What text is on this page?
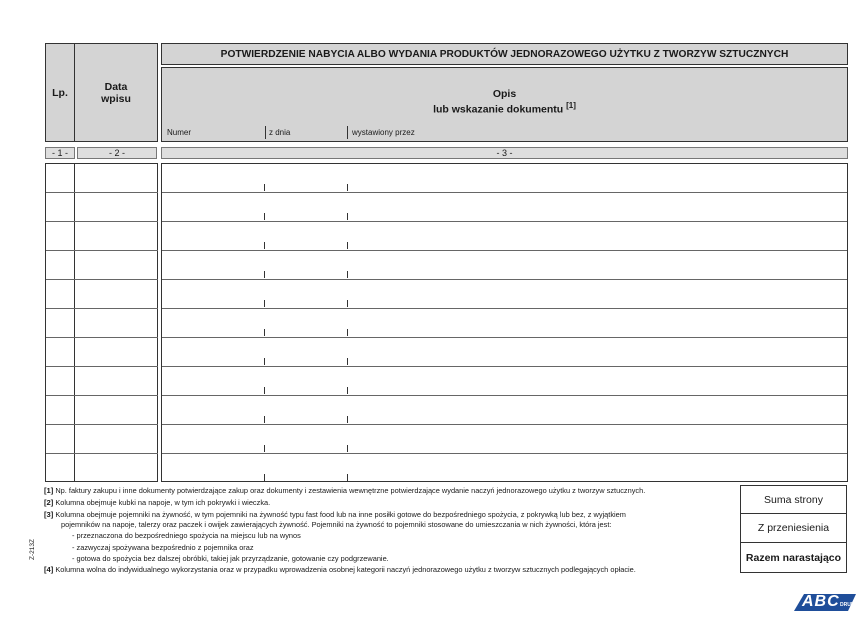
Lp.	Data
wpisu
POTWIERDZENIE NABYCIA ALBO WYDANIA PRODUKTÓW JEDNORAZOWEGO UŻYTKU Z TWORZYW SZTUCZNYCH
Opis
lub wskazanie dokumentu [1]
Numer	z dnia	wystawiony przez
- 1 -	- 2 -	- 3 -
[1] Np. faktury zakupu i inne dokumenty potwierdzające zakup oraz dokumenty i zestawienia wewnętrzne potwierdzające wydanie naczyń jednorazowego użytku z tworzyw sztucznych.
[2] Kolumna obejmuje kubki na napoje, w tym ich pokrywki i wieczka.
[3] Kolumna obejmuje pojemniki na żywność, w tym pojemniki na żywność typu fast food lub na inne posiłki gotowe do bezpośredniego spożycia, z pokrywką lub bez, z wyjątkiem
pojemników na napoje, talerzy oraz paczek i owijek zawierających żywność. Pojemniki na żywność to pojemniki stosowane do umieszczania w nich żywności, która jest:
- przeznaczona do bezpośredniego spożycia na miejscu lub na wynos
- zazwyczaj spożywana bezpośrednio z pojemnika oraz
- gotowa do spożycia bez dalszej obróbki, takiej jak przyrządzanie, gotowanie czy podgrzewanie.
[4] Kolumna wolna do indywidualnego wykorzystania oraz w przypadku wprowadzenia osobnej kategorii naczyń jednorazowego użytku z tworzyw sztucznych podlegających opłacie.
Z-213Z
Suma strony
Z przeniesienia
Razem narastająco
ABC DRUKI
